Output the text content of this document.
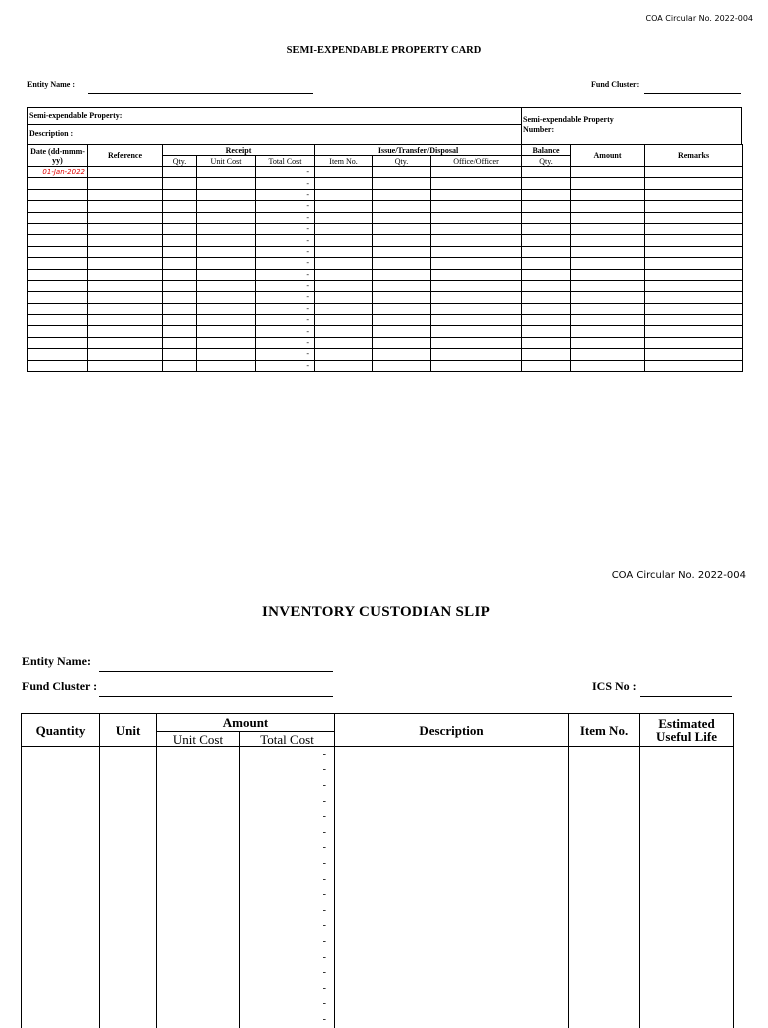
COA Circular No. 2022-004
SEMI-EXPENDABLE PROPERTY CARD
Entity Name :	Fund Cluster:
Semi-expendable Property:
Description :
Semi-expendable Property Number:
Date (dd-mmm-yy)	Reference	Receipt			Issue/Transfer/Disposal			Balance	Amount	Remarks
		Qty.	Unit Cost	Total Cost	Item No.	Qty.	Office/Officer	Qty.		
01-Jan-2022				-						
				-						
				-						
				-						
				-						
				-						
				-						
				-						
				-						
				-						
				-						
				-						
				-						
				-						
				-						
				-						
				-						
				-						
COA Circular No. 2022-004
INVENTORY CUSTODIAN SLIP
Entity Name:
Fund Cluster :	ICS No :
Quantity	Unit	Amount		Description	Item No.	Estimated Useful Life
		Unit Cost	Total Cost			
			-			
			-			
			-			
			-			
			-			
			-			
			-			
			-			
			-			
			-			
			-			
			-			
			-			
			-			
			-			
			-			
			-			
			-			
